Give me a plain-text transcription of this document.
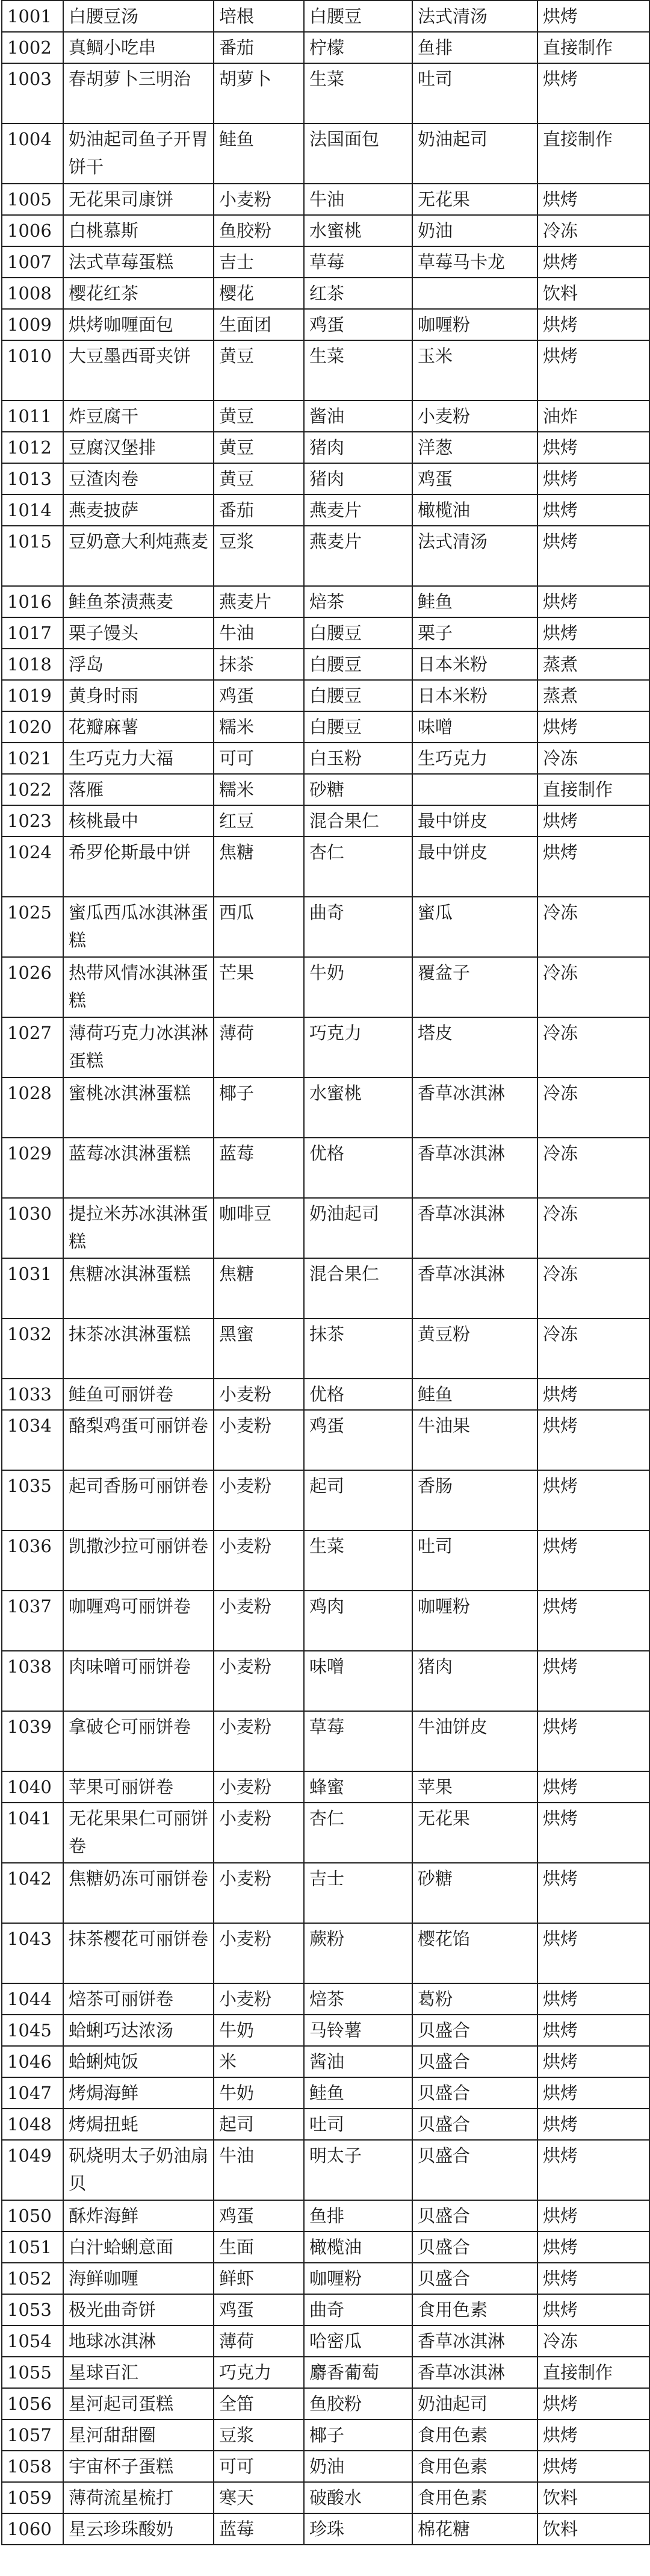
1001	白腰豆汤	培根	白腰豆	法式清汤	烘烤
1002	真鲷小吃串	番茄	柠檬	鱼排	直接制作
1003	春胡萝卜三明治	胡萝卜	生菜	吐司	烘烤
1004	奶油起司鱼子开胃饼干	鲑鱼	法国面包	奶油起司	直接制作
1005	无花果司康饼	小麦粉	牛油	无花果	烘烤
1006	白桃慕斯	鱼胶粉	水蜜桃	奶油	冷冻
1007	法式草莓蛋糕	吉士	草莓	草莓马卡龙	烘烤
1008	樱花红茶	樱花	红茶		饮料
1009	烘烤咖喱面包	生面团	鸡蛋	咖喱粉	烘烤
1010	大豆墨西哥夹饼	黄豆	生菜	玉米	烘烤
1011	炸豆腐干	黄豆	酱油	小麦粉	油炸
1012	豆腐汉堡排	黄豆	猪肉	洋葱	烘烤
1013	豆渣肉卷	黄豆	猪肉	鸡蛋	烘烤
1014	燕麦披萨	番茄	燕麦片	橄榄油	烘烤
1015	豆奶意大利炖燕麦	豆浆	燕麦片	法式清汤	烘烤
1016	鲑鱼茶渍燕麦	燕麦片	焙茶	鲑鱼	烘烤
1017	栗子馒头	牛油	白腰豆	栗子	烘烤
1018	浮岛	抹茶	白腰豆	日本米粉	蒸煮
1019	黄身时雨	鸡蛋	白腰豆	日本米粉	蒸煮
1020	花瓣麻薯	糯米	白腰豆	味噌	烘烤
1021	生巧克力大福	可可	白玉粉	生巧克力	冷冻
1022	落雁	糯米	砂糖		直接制作
1023	核桃最中	红豆	混合果仁	最中饼皮	烘烤
1024	希罗伦斯最中饼	焦糖	杏仁	最中饼皮	烘烤
1025	蜜瓜西瓜冰淇淋蛋糕	西瓜	曲奇	蜜瓜	冷冻
1026	热带风情冰淇淋蛋糕	芒果	牛奶	覆盆子	冷冻
1027	薄荷巧克力冰淇淋蛋糕	薄荷	巧克力	塔皮	冷冻
1028	蜜桃冰淇淋蛋糕	椰子	水蜜桃	香草冰淇淋	冷冻
1029	蓝莓冰淇淋蛋糕	蓝莓	优格	香草冰淇淋	冷冻
1030	提拉米苏冰淇淋蛋糕	咖啡豆	奶油起司	香草冰淇淋	冷冻
1031	焦糖冰淇淋蛋糕	焦糖	混合果仁	香草冰淇淋	冷冻
1032	抹茶冰淇淋蛋糕	黑蜜	抹茶	黄豆粉	冷冻
1033	鲑鱼可丽饼卷	小麦粉	优格	鲑鱼	烘烤
1034	酪梨鸡蛋可丽饼卷	小麦粉	鸡蛋	牛油果	烘烤
1035	起司香肠可丽饼卷	小麦粉	起司	香肠	烘烤
1036	凯撒沙拉可丽饼卷	小麦粉	生菜	吐司	烘烤
1037	咖喱鸡可丽饼卷	小麦粉	鸡肉	咖喱粉	烘烤
1038	肉味噌可丽饼卷	小麦粉	味噌	猪肉	烘烤
1039	拿破仑可丽饼卷	小麦粉	草莓	牛油饼皮	烘烤
1040	苹果可丽饼卷	小麦粉	蜂蜜	苹果	烘烤
1041	无花果果仁可丽饼卷	小麦粉	杏仁	无花果	烘烤
1042	焦糖奶冻可丽饼卷	小麦粉	吉士	砂糖	烘烤
1043	抹茶樱花可丽饼卷	小麦粉	蕨粉	樱花馅	烘烤
1044	焙茶可丽饼卷	小麦粉	焙茶	葛粉	烘烤
1045	蛤蜊巧达浓汤	牛奶	马铃薯	贝盛合	烘烤
1046	蛤蜊炖饭	米	酱油	贝盛合	烘烤
1047	烤焗海鲜	牛奶	鲑鱼	贝盛合	烘烤
1048	烤焗扭蚝	起司	吐司	贝盛合	烘烤
1049	矾烧明太子奶油扇贝	牛油	明太子	贝盛合	烘烤
1050	酥炸海鲜	鸡蛋	鱼排	贝盛合	烘烤
1051	白汁蛤蜊意面	生面	橄榄油	贝盛合	烘烤
1052	海鲜咖喱	鲜虾	咖喱粉	贝盛合	烘烤
1053	极光曲奇饼	鸡蛋	曲奇	食用色素	烘烤
1054	地球冰淇淋	薄荷	哈密瓜	香草冰淇淋	冷冻
1055	星球百汇	巧克力	麝香葡萄	香草冰淇淋	直接制作
1056	星河起司蛋糕	全笛	鱼胶粉	奶油起司	烘烤
1057	星河甜甜圈	豆浆	椰子	食用色素	烘烤
1058	宇宙杯子蛋糕	可可	奶油	食用色素	烘烤
1059	薄荷流星梳打	寒天	破酸水	食用色素	饮料
1060	星云珍珠酸奶	蓝莓	珍珠	棉花糖	饮料
